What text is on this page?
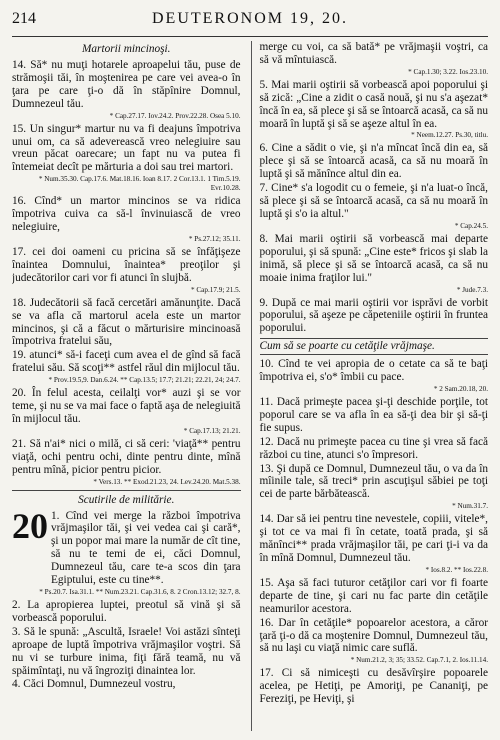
214	DEUTERONOM 19, 20.
Martorii mincinoşi.
14. Să* nu muţi hotarele aproapelui tău, puse de strămoşii tăi, în moştenirea pe care vei avea-o în ţara pe care ţi-o dă în stăpînire Domnul, Dumnezeul tău.
* Cap.27.17. Iov.24.2. Prov.22.28. Osea 5.10.
15. Un singur* martur nu va fi deajuns împotriva unui om, ca să adeverească vreo nelegiuire sau vreun păcat oarecare; un fapt nu va putea fi întemeiat decît pe mărturia a doi sau trei martori.
* Num.35.30. Cap.17.6. Mat.18.16. Ioan 8.17. 2 Cor.13.1. 1 Tim.5.19. Evr.10.28.
16. Cînd* un martor mincinos se va ridica împotriva cuiva ca să-l învinuiască de vreo nelegiuire,
* Ps.27.12; 35.11.
17. cei doi oameni cu pricina să se înfăţişeze înaintea Domnului, înaintea* preoţilor şi judecătorilor cari vor fi atunci în slujbă.
* Cap.17.9; 21.5.
18. Judecătorii să facă cercetări amănunţite. Dacă se va afla că martorul acela este un martor mincinos, şi că a făcut o mărturisire mincinoasă împotriva fratelui său,
19. atunci* să-i faceţi cum avea el de gînd să facă fratelui său. Să scoţi** astfel răul din mijlocul tău.
* Prov.19.5,9. Dan.6.24. ** Cap.13.5; 17.7; 21.21; 22.21, 24; 24.7.
20. În felul acesta, ceilalţi vor* auzi şi se vor teme, şi nu se va mai face o faptă aşa de nelegiuită în mijlocul tău.
* Cap.17.13; 21.21.
21. Să n'ai* nici o milă, ci să ceri: 'viaţă** pentru viaţă, ochi pentru ochi, dinte pentru dinte, mînă pentru mînă, picior pentru picior.
* Vers.13. ** Exod.21.23, 24. Lev.24.20. Mat.5.38.
Scutirile de militărie.
20 1. Cînd vei merge la război împotriva vrăjmaşilor tăi, şi vei vedea cai şi cară*, şi un popor mai mare la număr de cît tine, să nu te temi de ei, căci Domnul, Dumnezeul tău, care te-a scos din ţara Egiptului, este cu tine**.
* Ps.20.7. Isa.31.1. ** Num.23.21. Cap.31.6, 8. 2 Cron.13.12; 32.7, 8.
2. La apropierea luptei, preotul să vină şi să vorbească poporului.
3. Să le spună: „Ascultă, Israele! Voi astăzi sînteţi aproape de luptă împotriva vrăjmaşilor voştri. Să nu vi se turbure inima, fiţi fără teamă, nu vă spăimîntaţi, nu vă îngroziţi dinaintea lor.
4. Căci Domnul, Dumnezeul vostru,
merge cu voi, ca să bată* pe vrăjmaşii voştri, ca să vă mîntuiască.
* Cap.1.30; 3.22. Ios.23.10.
5. Mai marii oştirii să vorbească apoi poporului şi să zică: „Cine a zidit o casă nouă, şi nu s'a aşezat* încă în ea, să plece şi să se întoarcă acasă, ca să nu moară în luptă şi să se aşeze altul în ea.
* Neem.12.27. Ps.30, titlu.
6. Cine a sădit o vie, şi n'a mîncat încă din ea, să plece şi să se întoarcă acasă, ca să nu moară în luptă şi să mănînce altul din ea.
7. Cine* s'a logodit cu o femeie, şi n'a luat-o încă, să plece şi să se întoarcă acasă, ca să nu moară în luptă şi s'o ia altul."
* Cap.24.5.
8. Mai marii oştirii să vorbească mai departe poporului, şi să spună: „Cine este* fricos şi slab la inimă, să plece şi să se întoarcă acasă, ca să nu moaie inima fraţilor lui."
* Jude.7.3.
9. După ce mai marii oştirii vor isprăvi de vorbit poporului, să aşeze pe căpeteniile oştirii în fruntea poporului.
Cum să se poarte cu cetăţile vrăjmaşe.
10. Cînd te vei apropia de o cetate ca să te baţi împotriva ei, s'o* îmbii cu pace.
* 2 Sam.20.18, 20.
11. Dacă primeşte pacea şi-ţi deschide porţile, tot poporul care se va afla în ea să-ţi dea bir şi să-ţi fie supus.
12. Dacă nu primeşte pacea cu tine şi vrea să facă război cu tine, atunci s'o împresori.
13. Şi după ce Domnul, Dumnezeul tău, o va da în mîinile tale, să treci* prin ascuţişul săbiei pe toţi cei de parte bărbătească.
* Num.31.7.
14. Dar să iei pentru tine nevestele, copiii, vitele*, şi tot ce va mai fi în cetate, toată prada, şi să mănînci** prada vrăjmaşilor tăi, pe cari ţi-i va da în mînă Domnul, Dumnezeul tău.
* Ios.8.2. ** Ios.22.8.
15. Aşa să faci tuturor cetăţilor cari vor fi foarte departe de tine, şi cari nu fac parte din cetăţile neamurilor acestora.
16. Dar în cetăţile* popoarelor acestora, a căror ţară ţi-o dă ca moştenire Domnul, Dumnezeul tău, să nu laşi cu viaţă nimic care suflă.
* Num.21.2, 3; 35; 33.52. Cap.7.1, 2. Ios.11.14.
17. Ci să nimiceşti cu desăvîrşire popoarele acelea, pe Hetiţi, pe Amoriţi, pe Cananiţi, pe Fereziţi, pe Heviţi, şi
